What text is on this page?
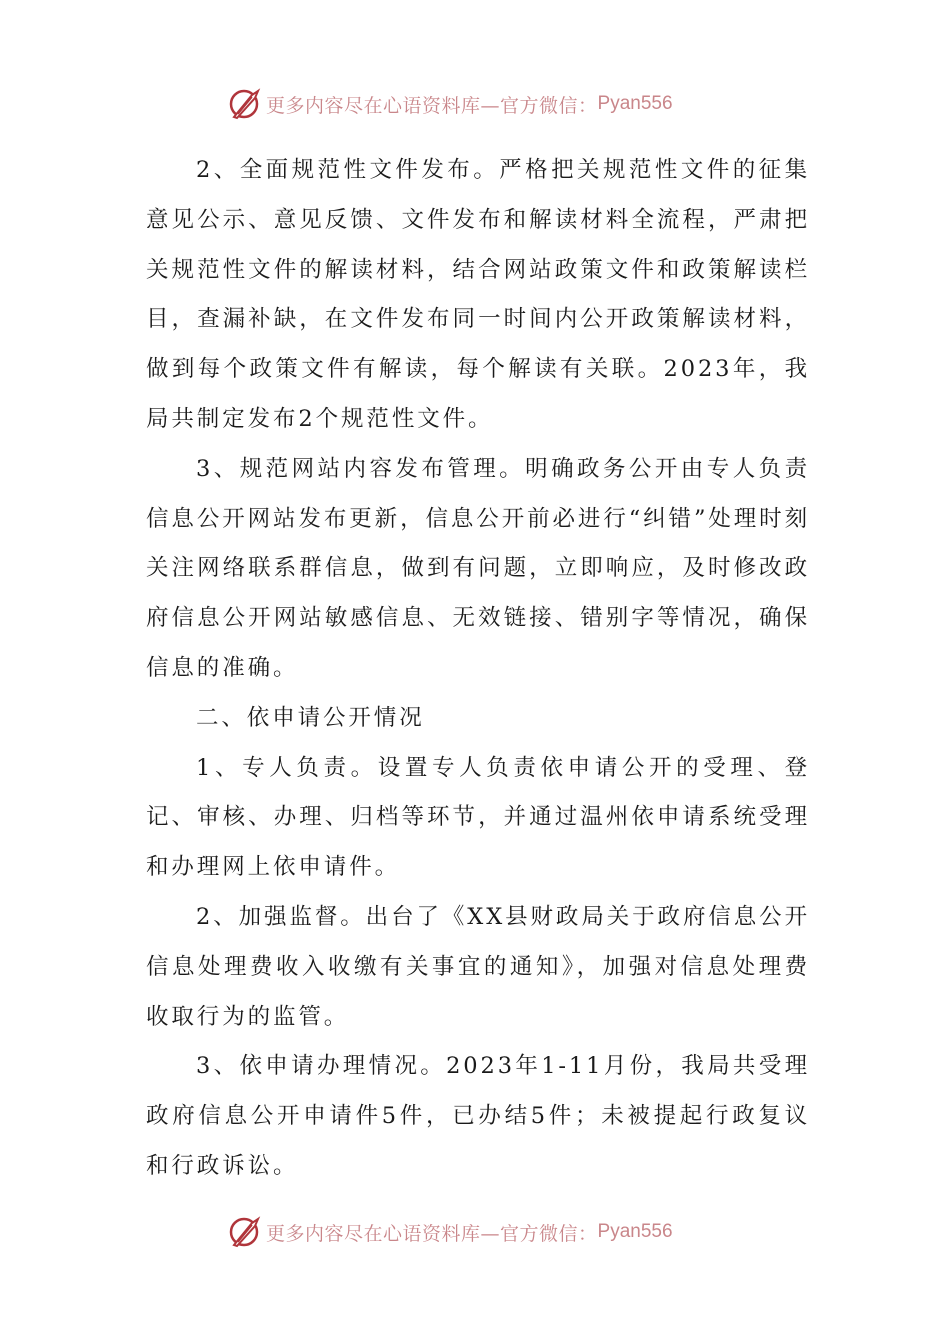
更多内容尽在心语资料库—官方微信： Pyan556

2、全面规范性文件发布。严格把关规范性文件的征集意见公示、意见反馈、文件发布和解读材料全流程，严肃把关规范性文件的解读材料，结合网站政策文件和政策解读栏目，查漏补缺，在文件发布同一时间内公开政策解读材料，做到每个政策文件有解读，每个解读有关联。2023年，我局共制定发布2个规范性文件。

3、规范网站内容发布管理。明确政务公开由专人负责信息公开网站发布更新，信息公开前必进行“纠错”处理时刻关注网络联系群信息，做到有问题，立即响应，及时修改政府信息公开网站敏感信息、无效链接、错别字等情况，确保信息的准确。

二、依申请公开情况

1、专人负责。设置专人负责依申请公开的受理、登记、审核、办理、归档等环节，并通过温州依申请系统受理和办理网上依申请件。

2、加强监督。出台了《XX县财政局关于政府信息公开信息处理费收入收缴有关事宜的通知》，加强对信息处理费收取行为的监管。

3、依申请办理情况。2023年1-11月份，我局共受理政府信息公开申请件5件，已办结5件；未被提起行政复议和行政诉讼。

更多内容尽在心语资料库—官方微信： Pyan556
